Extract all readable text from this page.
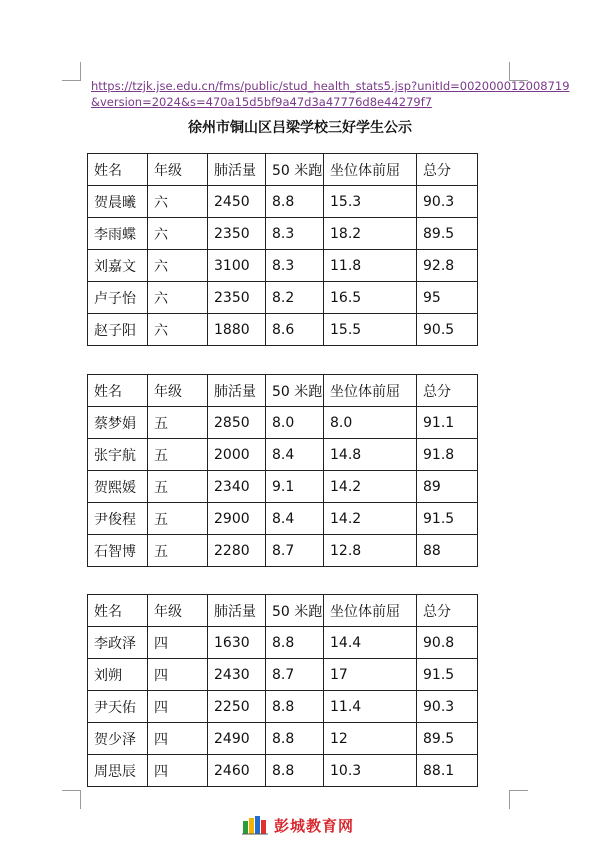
https://tzjk.jse.edu.cn/fms/public/stud_health_stats5.jsp?unitId=002000012008719
&version=2024&s=470a15d5bf9a47d3a47776d8e44279f7
徐州市铜山区吕梁学校三好学生公示
姓名	年级	肺活量	50 米跑	坐位体前屈	总分
贺晨曦	六	2450	8.8	15.3	90.3
李雨蝶	六	2350	8.3	18.2	89.5
刘嘉文	六	3100	8.3	11.8	92.8
卢子怡	六	2350	8.2	16.5	95
赵子阳	六	1880	8.6	15.5	90.5
姓名	年级	肺活量	50 米跑	坐位体前屈	总分
蔡梦娟	五	2850	8.0	8.0	91.1
张宇航	五	2000	8.4	14.8	91.8
贺熙媛	五	2340	9.1	14.2	89
尹俊程	五	2900	8.4	14.2	91.5
石智博	五	2280	8.7	12.8	88
姓名	年级	肺活量	50 米跑	坐位体前屈	总分
李政泽	四	1630	8.8	14.4	90.8
刘朔	四	2430	8.7	17	91.5
尹天佑	四	2250	8.8	11.4	90.3
贺少泽	四	2490	8.8	12	89.5
周思辰	四	2460	8.8	10.3	88.1
彭城教育网
